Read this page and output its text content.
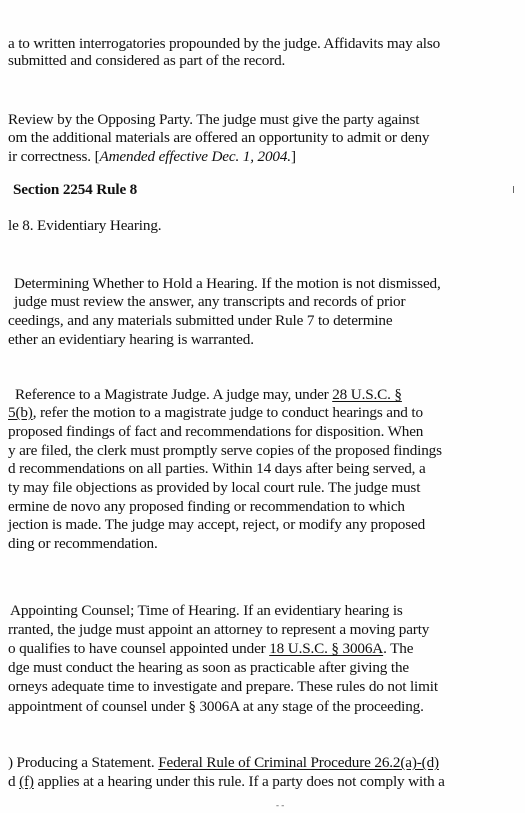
a to written interrogatories propounded by the judge. Affidavits may also
submitted and considered as part of the record.
Review by the Opposing Party. The judge must give the party against
om the additional materials are offered an opportunity to admit or deny
ir correctness. [Amended effective Dec. 1, 2004.]
Section 2254 Rule 8
le 8. Evidentiary Hearing.
Determining Whether to Hold a Hearing. If the motion is not dismissed,
judge must review the answer, any transcripts and records of prior
ceedings, and any materials submitted under Rule 7 to determine
ether an evidentiary hearing is warranted.
Reference to a Magistrate Judge. A judge may, under 28 U.S.C. §
5(b), refer the motion to a magistrate judge to conduct hearings and to
proposed findings of fact and recommendations for disposition. When
y are filed, the clerk must promptly serve copies of the proposed findings
d recommendations on all parties. Within 14 days after being served, a
ty may file objections as provided by local court rule. The judge must
ermine de novo any proposed finding or recommendation to which
jection is made. The judge may accept, reject, or modify any proposed
ding or recommendation.
Appointing Counsel; Time of Hearing. If an evidentiary hearing is
rranted, the judge must appoint an attorney to represent a moving party
o qualifies to have counsel appointed under 18 U.S.C. § 3006A. The
dge must conduct the hearing as soon as practicable after giving the
orneys adequate time to investigate and prepare. These rules do not limit
appointment of counsel under § 3006A at any stage of the proceeding.
) Producing a Statement. Federal Rule of Criminal Procedure 26.2(a)-(d)
d (f) applies at a hearing under this rule. If a party does not comply with a
- -
